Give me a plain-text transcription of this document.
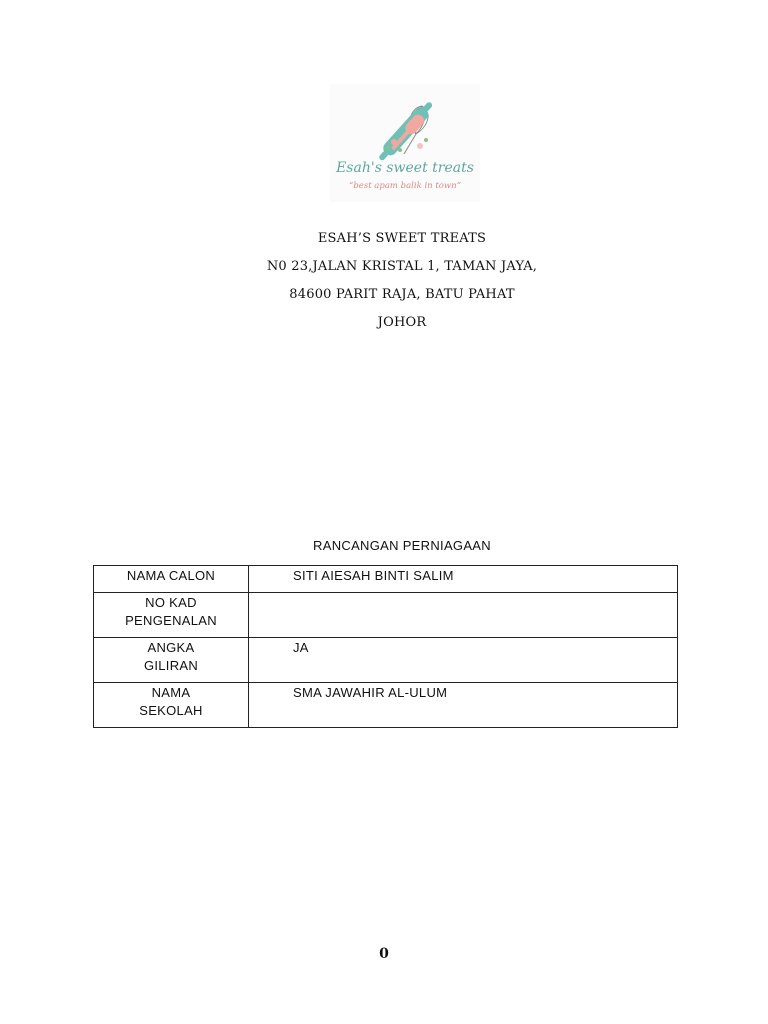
Esah's sweet treats
“best apam balik in town”
ESAH’S SWEET TREATS
N0 23,JALAN KRISTAL 1, TAMAN JAYA,
84600 PARIT RAJA, BATU PAHAT
JOHOR
RANCANGAN PERNIAGAAN
NAMA CALON	SITI AIESAH BINTI SALIM
NO KAD PENGENALAN	
ANGKA GILIRAN	JA
NAMA SEKOLAH	SMA JAWAHIR AL-ULUM
0
